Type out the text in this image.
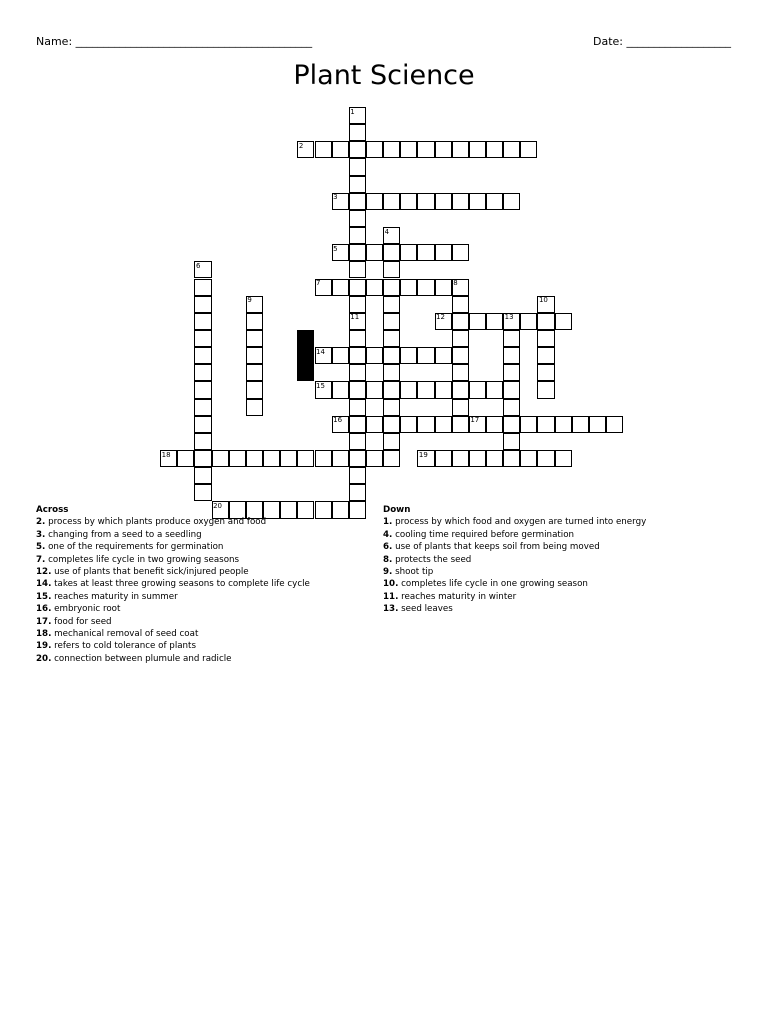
Name: ___________________________________________	Date: ___________________
Plant Science
1
2
3
4
5
6
7	8
9	10
11	12	13
14
15
16	17
18	19
20
Across
2. process by which plants produce oxygen and food
3. changing from a seed to a seedling
5. one of the requirements for germination
7. completes life cycle in two growing seasons
12. use of plants that benefit sick/injured people
14. takes at least three growing seasons to complete life cycle
15. reaches maturity in summer
16. embryonic root
17. food for seed
18. mechanical removal of seed coat
19. refers to cold tolerance of plants
20. connection between plumule and radicle
Down
1. process by which food and oxygen are turned into energy
4. cooling time required before germination
6. use of plants that keeps soil from being moved
8. protects the seed
9. shoot tip
10. completes life cycle in one growing season
11. reaches maturity in winter
13. seed leaves
